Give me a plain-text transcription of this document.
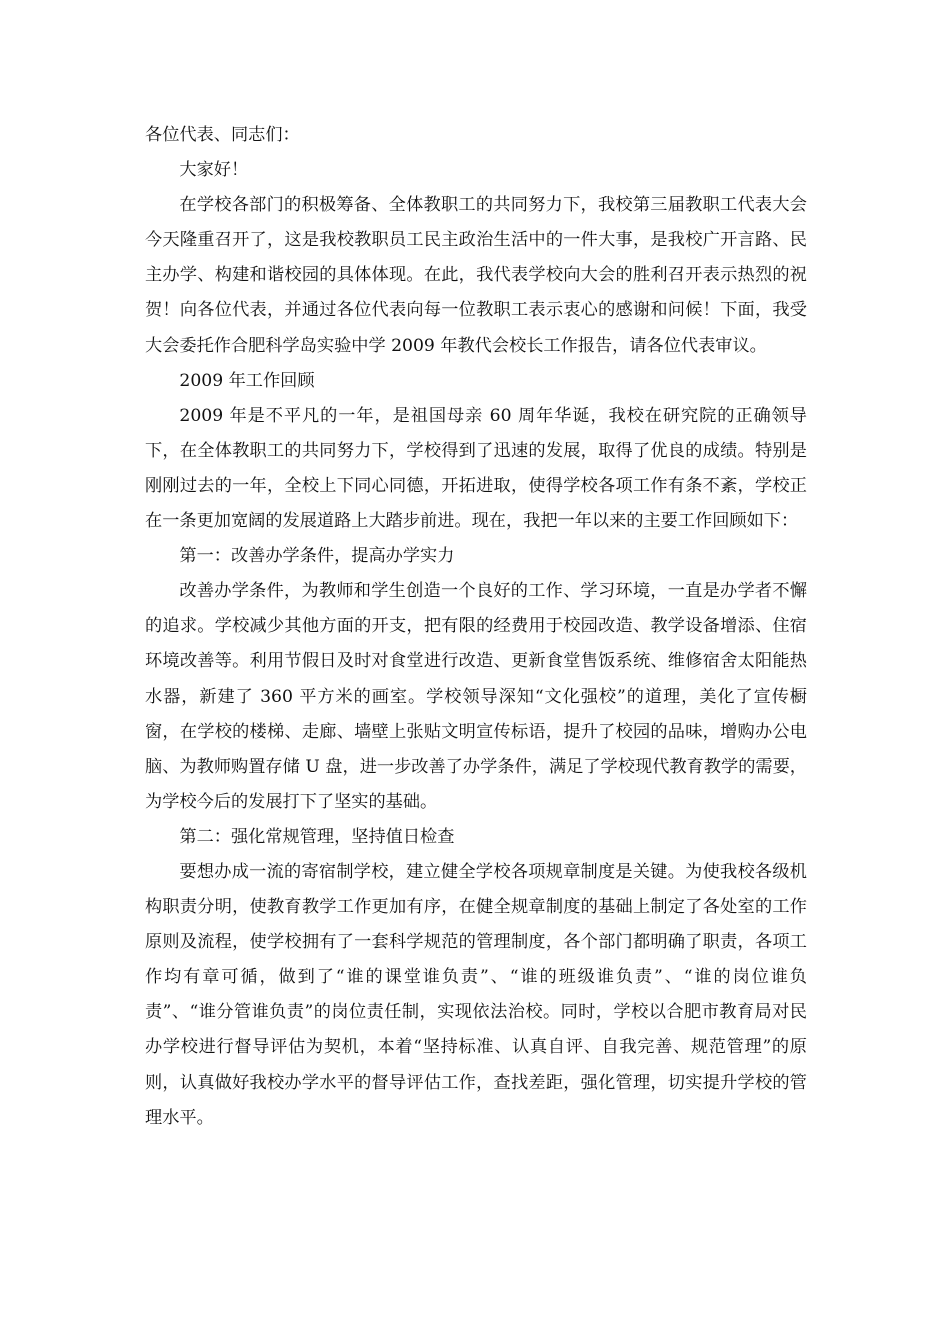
各位代表、同志们：

大家好！

在学校各部门的积极筹备、全体教职工的共同努力下，我校第三届教职工代表大会今天隆重召开了，这是我校教职员工民主政治生活中的一件大事，是我校广开言路、民主办学、构建和谐校园的具体体现。在此，我代表学校向大会的胜利召开表示热烈的祝贺！向各位代表，并通过各位代表向每一位教职工表示衷心的感谢和问候！下面，我受大会委托作合肥科学岛实验中学 2009 年教代会校长工作报告，请各位代表审议。

2009 年工作回顾

2009 年是不平凡的一年，是祖国母亲 60 周年华诞，我校在研究院的正确领导下，在全体教职工的共同努力下，学校得到了迅速的发展，取得了优良的成绩。特别是刚刚过去的一年，全校上下同心同德，开拓进取，使得学校各项工作有条不紊，学校正在一条更加宽阔的发展道路上大踏步前进。现在，我把一年以来的主要工作回顾如下：

第一：改善办学条件，提高办学实力

改善办学条件，为教师和学生创造一个良好的工作、学习环境，一直是办学者不懈的追求。学校减少其他方面的开支，把有限的经费用于校园改造、教学设备增添、住宿环境改善等。利用节假日及时对食堂进行改造、更新食堂售饭系统、维修宿舍太阳能热水器，新建了 360 平方米的画室。学校领导深知“文化强校”的道理，美化了宣传橱窗，在学校的楼梯、走廊、墙壁上张贴文明宣传标语，提升了校园的品味，增购办公电脑、为教师购置存储 U 盘，进一步改善了办学条件，满足了学校现代教育教学的需要，为学校今后的发展打下了坚实的基础。

第二：强化常规管理，坚持值日检查

要想办成一流的寄宿制学校，建立健全学校各项规章制度是关键。为使我校各级机构职责分明，使教育教学工作更加有序，在健全规章制度的基础上制定了各处室的工作原则及流程，使学校拥有了一套科学规范的管理制度，各个部门都明确了职责，各项工作均有章可循，做到了“谁的课堂谁负责”、“谁的班级谁负责”、“谁的岗位谁负责”、“谁分管谁负责”的岗位责任制，实现依法治校。同时，学校以合肥市教育局对民办学校进行督导评估为契机，本着“坚持标准、认真自评、自我完善、规范管理”的原则，认真做好我校办学水平的督导评估工作，查找差距，强化管理，切实提升学校的管理水平。
